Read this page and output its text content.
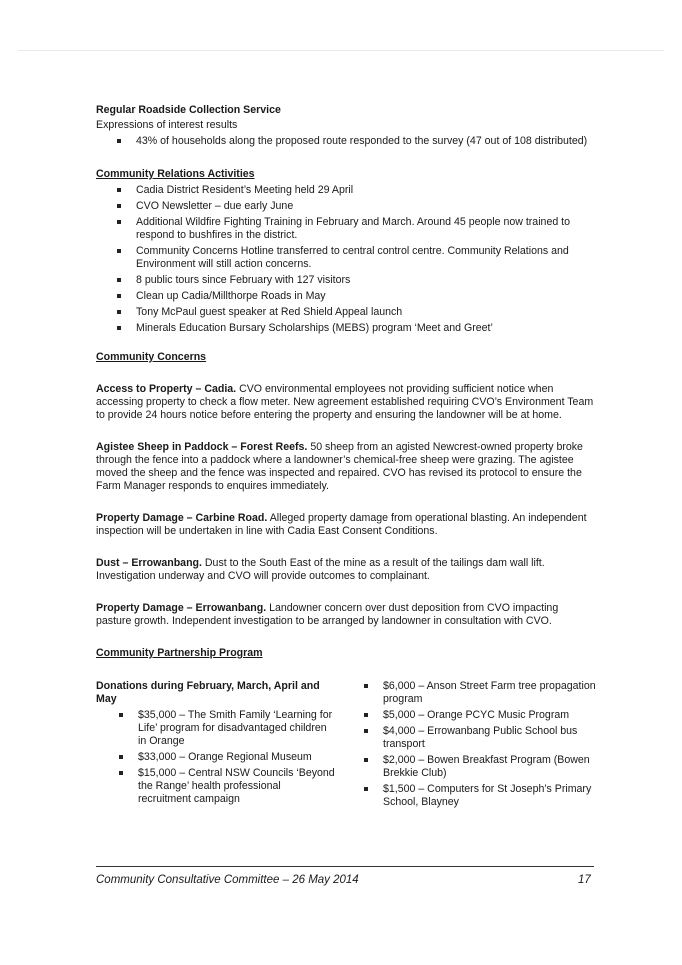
Regular Roadside Collection Service

Expressions of interest results

43% of households along the proposed route responded to the survey (47 out of 108 distributed)
Community Relations Activities
Cadia District Resident’s Meeting held 29 April
CVO Newsletter – due early June
Additional Wildfire Fighting Training in February and March. Around 45 people now trained to respond to bushfires in the district.
Community Concerns Hotline transferred to central control centre. Community Relations and Environment will still action concerns.
8 public tours since February with 127 visitors
Clean up Cadia/Millthorpe Roads in May
Tony McPaul guest speaker at Red Shield Appeal launch
Minerals Education Bursary Scholarships (MEBS) program ‘Meet and Greet’
Community Concerns

Access to Property – Cadia. CVO environmental employees not providing sufficient notice when accessing property to check a flow meter. New agreement established requiring CVO’s Environment Team to provide 24 hours notice before entering the property and ensuring the landowner will be at home.

Agistee Sheep in Paddock – Forest Reefs. 50 sheep from an agisted Newcrest-owned property broke through the fence into a paddock where a landowner’s chemical-free sheep were grazing. The agistee moved the sheep and the fence was inspected and repaired. CVO has revised its protocol to ensure the Farm Manager responds to enquires immediately.

Property Damage – Carbine Road. Alleged property damage from operational blasting. An independent inspection will be undertaken in line with Cadia East Consent Conditions.

Dust – Errowanbang. Dust to the South East of the mine as a result of the tailings dam wall lift. Investigation underway and CVO will provide outcomes to complainant.

Property Damage – Errowanbang. Landowner concern over dust deposition from CVO impacting pasture growth. Independent investigation to be arranged by landowner in consultation with CVO.

Community Partnership Program
Donations during February, March, April and May
$35,000 – The Smith Family ‘Learning for Life’ program for disadvantaged children in Orange
$33,000 – Orange Regional Museum
$15,000 – Central NSW Councils ‘Beyond the Range’ health professional recruitment campaign
$6,000 – Anson Street Farm tree propagation program
$5,000 – Orange PCYC Music Program
$4,000 – Errowanbang Public School bus transport
$2,000 – Bowen Breakfast Program (Bowen Brekkie Club)
$1,500 – Computers for St Joseph’s Primary School, Blayney
Community Consultative Committee – 26 May 2014	17
